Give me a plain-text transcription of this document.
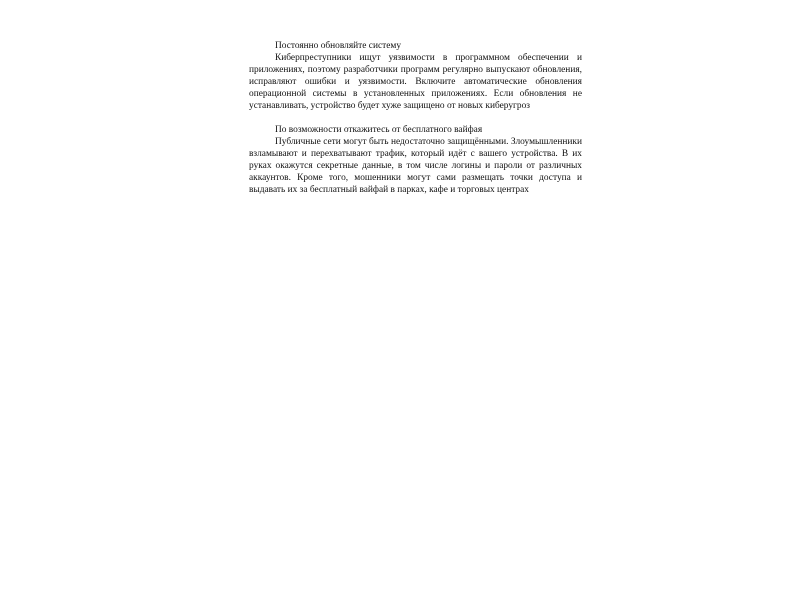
Постоянно обновляйте систему

Киберпреступники ищут уязвимости в программном обеспечении и приложениях, поэтому разработчики программ регулярно выпускают обновления, исправляют ошибки и уязвимости. Включите автоматические обновления операционной системы в установленных приложениях. Если обновления не устанавливать, устройство будет хуже защищено от новых киберугроз

По возможности откажитесь от бесплатного вайфая

Публичные сети могут быть недостаточно защищёнными. Злоумышленники взламывают и перехватывают трафик, который идёт с вашего устройства. В их руках окажутся секретные данные, в том числе логины и пароли от различных аккаунтов. Кроме того, мошенники могут сами размещать точки доступа и выдавать их за бесплатный вайфай в парках, кафе и торговых центрах
